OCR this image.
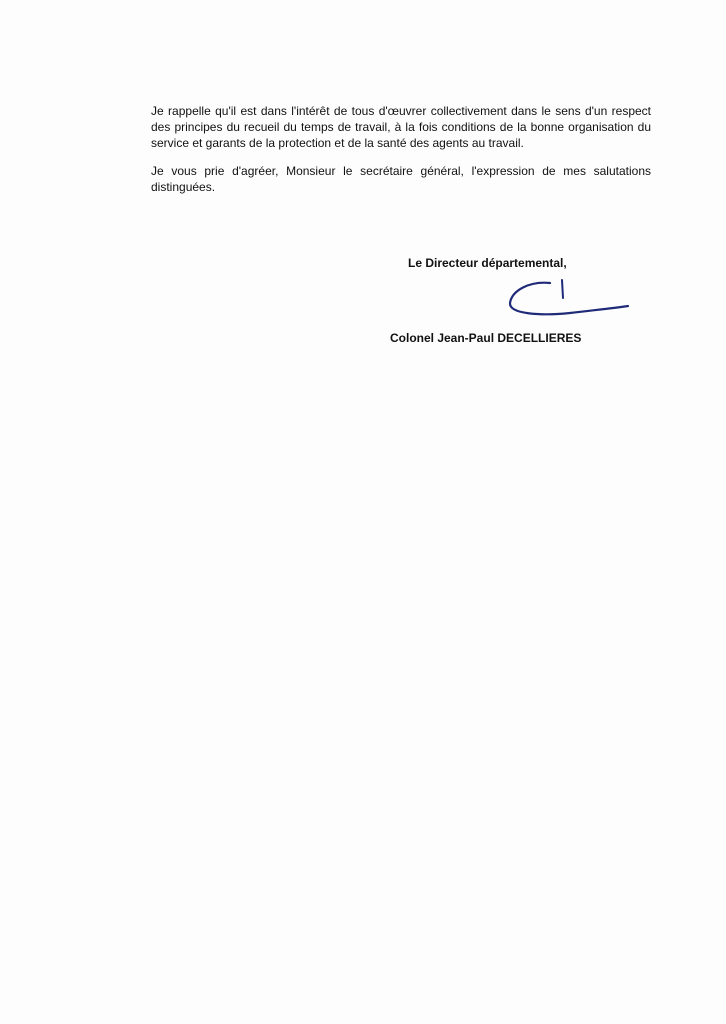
Je rappelle qu'il est dans l'intérêt de tous d'œuvrer collectivement dans le sens d'un respect des principes du recueil du temps de travail, à la fois conditions de la bonne organisation du service et garants de la protection et de la santé des agents au travail.

Je vous prie d'agréer, Monsieur le secrétaire général, l'expression de mes salutations distinguées.

Le Directeur départemental,
Colonel Jean-Paul DECELLIERES
